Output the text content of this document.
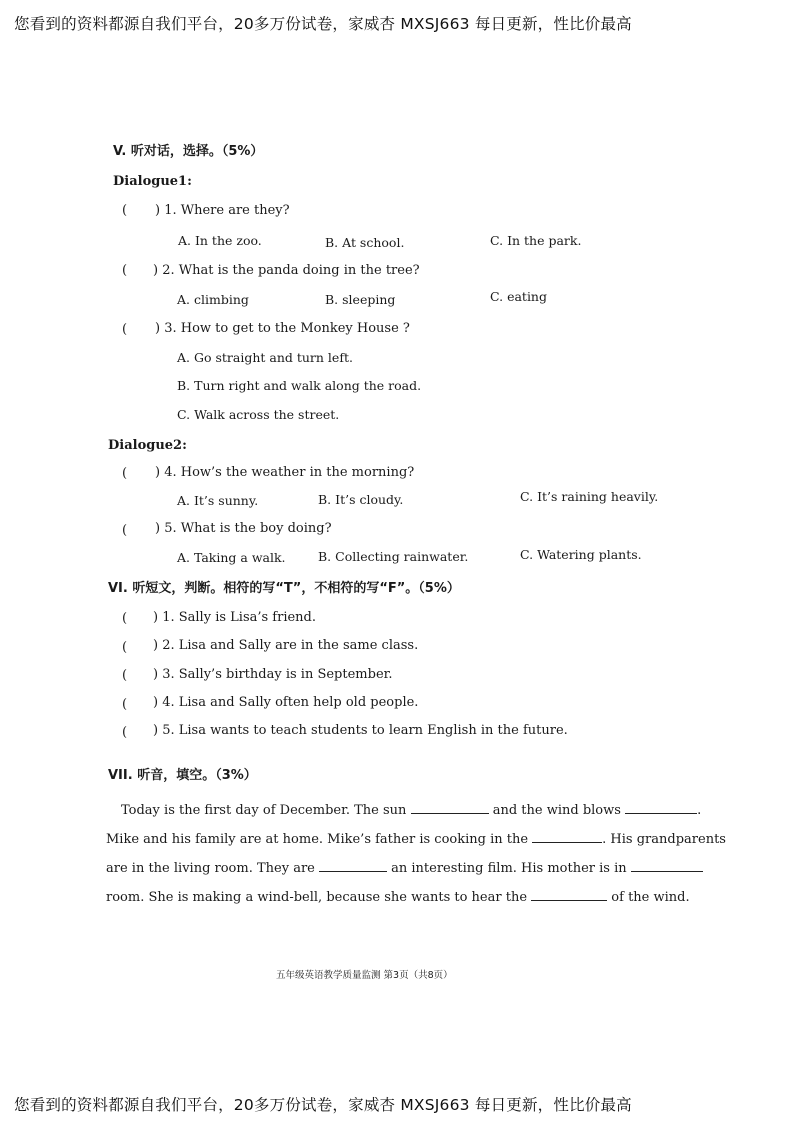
您看到的资料都源自我们平台，20多万份试卷，家威杏 MXSJ663 每日更新，性比价最高
V. 听对话，选择。（5%）
Dialogue1:
( ) 1. Where are they?
A. In the zoo.	B. At school.	C. In the park.
( ) 2. What is the panda doing in the tree?
A. climbing	B. sleeping	C. eating
( ) 3. How to get to the Monkey House ?
A. Go straight and turn left.
B. Turn right and walk along the road.
C. Walk across the street.
Dialogue2:
( ) 4. How’s the weather in the morning?
A. It’s sunny.	B. It’s cloudy.	C. It’s raining heavily.
( ) 5. What is the boy doing?
A. Taking a walk.	B. Collecting rainwater.	C. Watering plants.
VI. 听短文，判断。相符的写“T”，不相符的写“F”。（5%）
( ) 1. Sally is Lisa’s friend.
( ) 2. Lisa and Sally are in the same class.
( ) 3. Sally’s birthday is in September.
( ) 4. Lisa and Sally often help old people.
( ) 5. Lisa wants to teach students to learn English in the future.
VII. 听音，填空。（3%）
Today is the first day of December. The sun	and the wind blows	.
Mike and his family are at home. Mike’s father is cooking in the	. His grandparents
are in the living room. They are	an interesting film. His mother is in
room. She is making a wind-bell, because she wants to hear the	of the wind.
五年级英语教学质量监测 第3页（共8页）
您看到的资料都源自我们平台，20多万份试卷，家威杏 MXSJ663 每日更新，性比价最高
